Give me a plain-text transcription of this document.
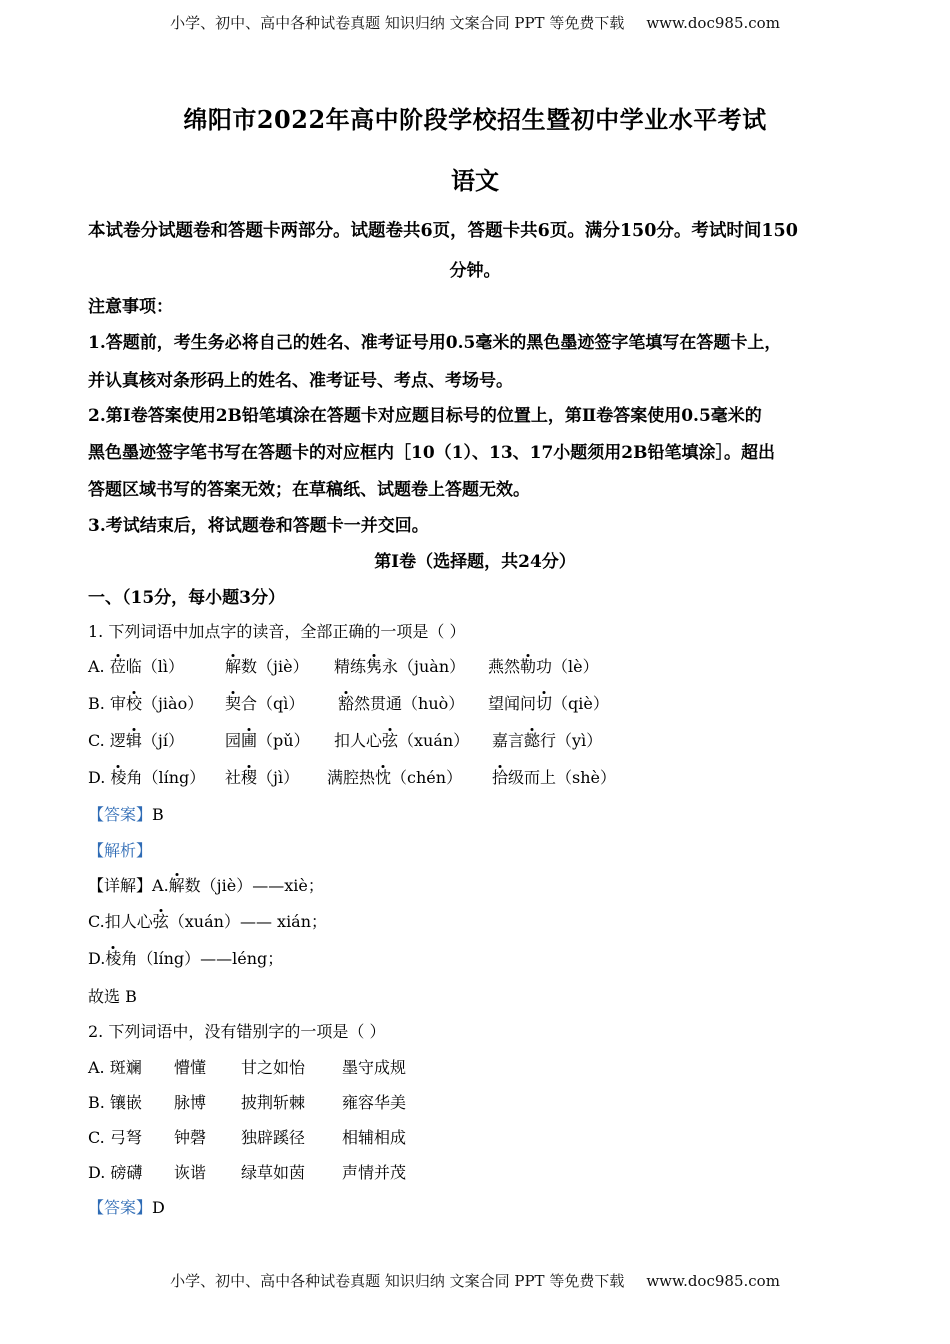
小学、初中、高中各种试卷真题 知识归纳 文案合同 PPT 等免费下载 www.doc985.com
绵阳市2022年高中阶段学校招生暨初中学业水平考试
语文
本试卷分试题卷和答题卡两部分。试题卷共6页，答题卡共6页。满分150分。考试时间150
分钟。
注意事项：
1.答题前，考生务必将自己的姓名、准考证号用0.5毫米的黑色墨迹签字笔填写在答题卡上，
并认真核对条形码上的姓名、准考证号、考点、考场号。
2.第Ⅰ卷答案使用2B铅笔填涂在答题卡对应题目标号的位置上，第Ⅱ卷答案使用0.5毫米的
黑色墨迹签字笔书写在答题卡的对应框内［10（1）、13、17小题须用2B铅笔填涂］。超出
答题区域书写的答案无效；在草稿纸、试题卷上答题无效。
3.考试结束后，将试题卷和答题卡一并交回。
第Ⅰ卷（选择题，共24分）
一、（15分，每小题3分）
1. 下列词语中加点字的读音，全部正确的一项是（ ）
A. 莅临（lì）	解数（jiè） 精练隽永（juàn） 燕然勒功（lè）
B. 审校（jiào） 契合（qì） 豁然贯通（huò） 望闻问切（qiè）
C. 逻辑（jí）	园圃（pǔ） 扣人心弦（xuán） 嘉言懿行（yì）
D. 棱角（líng） 社稷（jì） 满腔热忱（chén） 拾级而上（shè）
【答案】B
【解析】
【详解】A.解数（jiè）——xiè；
C.扣人心弦（xuán）—— xián；
D.棱角（líng）——léng；
故选 B
2. 下列词语中，没有错别字的一项是（ ）
A. 斑斓 懵懂 甘之如怡 墨守成规
B. 镶嵌 脉博 披荆斩棘 雍容华美
C. 弓弩 钟磬 独辟蹊径 相辅相成
D. 磅礴 诙谐 绿草如茵 声情并茂
【答案】D
小学、初中、高中各种试卷真题 知识归纳 文案合同 PPT 等免费下载 www.doc985.com
